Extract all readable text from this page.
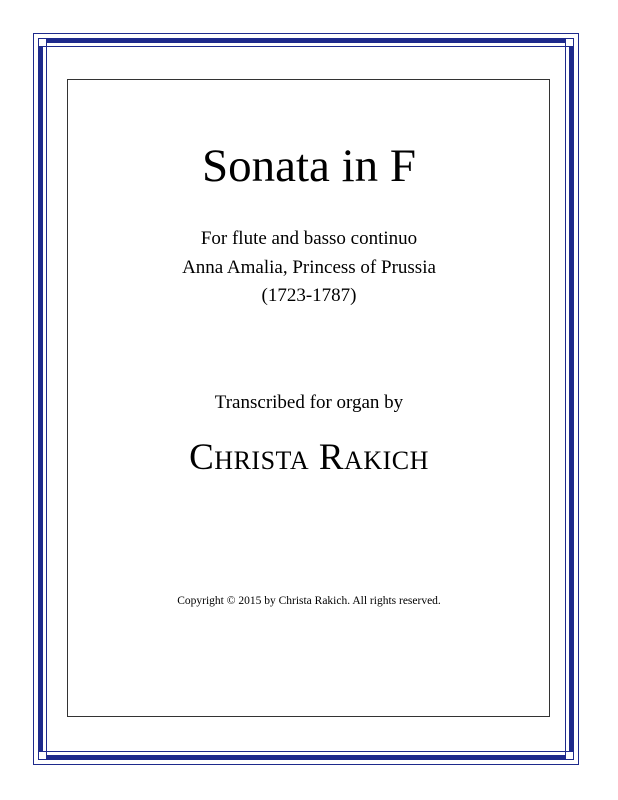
Sonata in F
For flute and basso continuo
Anna Amalia, Princess of Prussia
(1723-1787)
Transcribed for organ by
Christa Rakich
Copyright © 2015 by Christa Rakich. All rights reserved.
